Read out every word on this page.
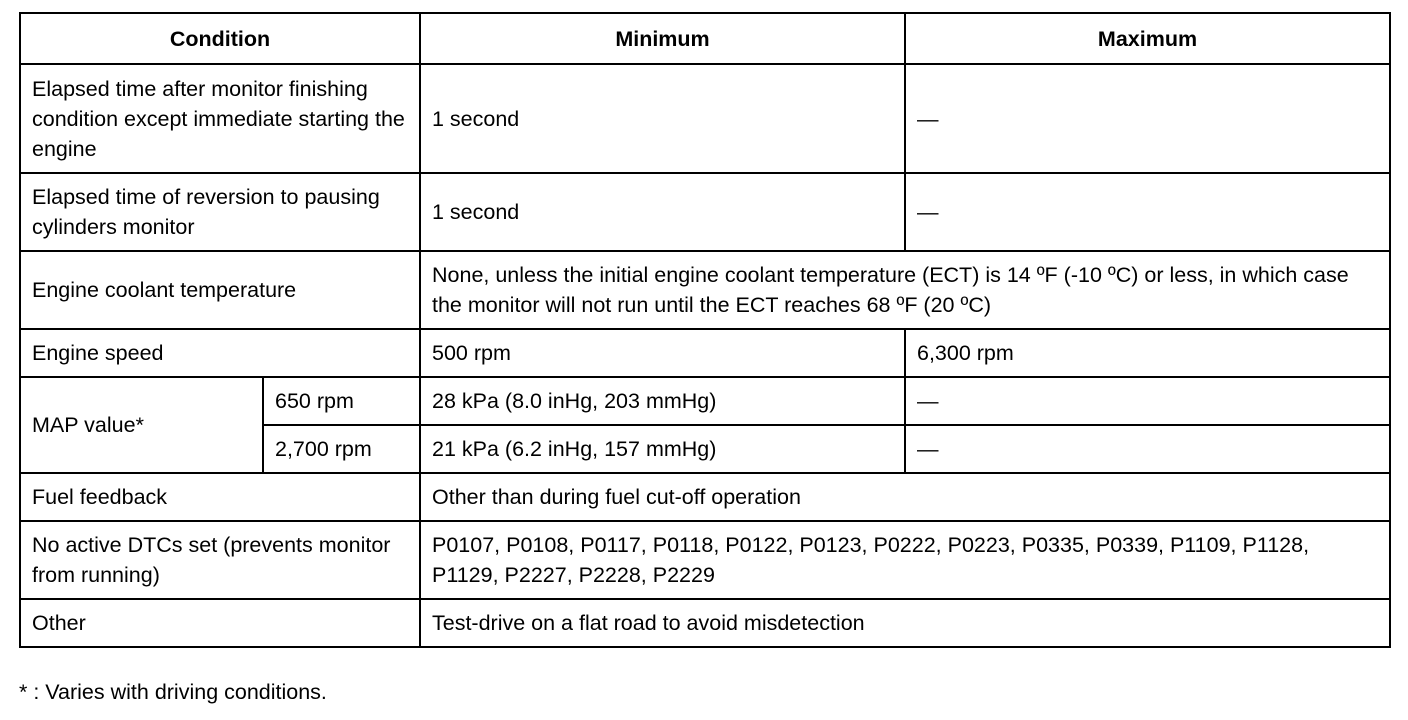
Condition		Minimum	Maximum
Elapsed time after monitor finishing condition except immediate starting the engine		1 second	—
Elapsed time of reversion to pausing cylinders monitor		1 second	—
Engine coolant temperature		None, unless the initial engine coolant temperature (ECT) is 14 ºF (-10 ºC) or less, in which case the monitor will not run until the ECT reaches 68 ºF (20 ºC)	
Engine speed		500 rpm	6,300 rpm
MAP value*	650 rpm	28 kPa (8.0 inHg, 203 mmHg)	—
	2,700 rpm	21 kPa (6.2 inHg, 157 mmHg)	—
Fuel feedback		Other than during fuel cut-off operation	
No active DTCs set (prevents monitor from running)		P0107, P0108, P0117, P0118, P0122, P0123, P0222, P0223, P0335, P0339, P1109, P1128, P1129, P2227, P2228, P2229	
Other		Test-drive on a flat road to avoid misdetection	
* : Varies with driving conditions.
